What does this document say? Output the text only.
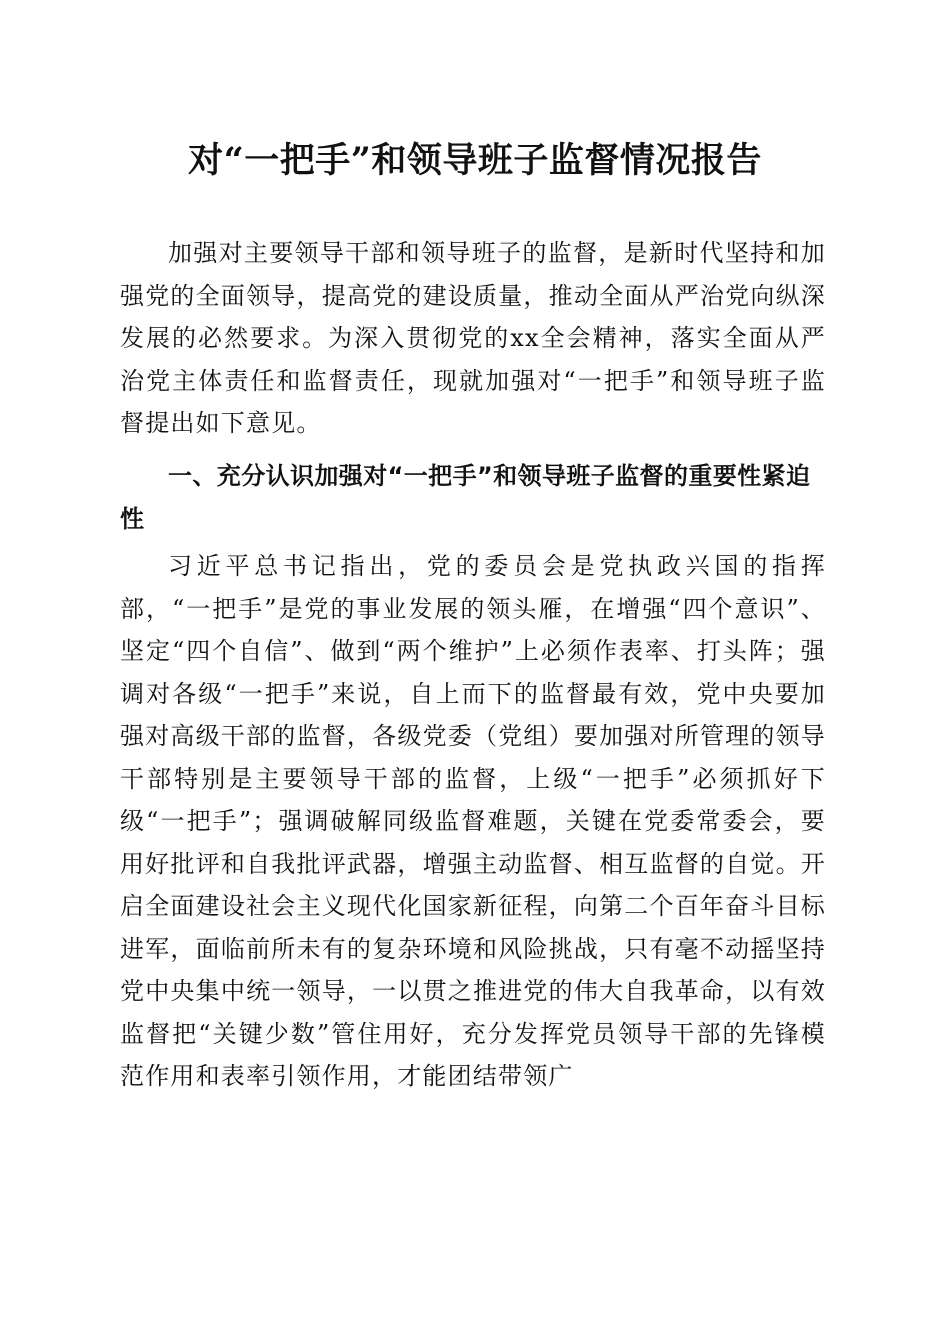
对“一把手”和领导班子监督情况报告

加强对主要领导干部和领导班子的监督，是新时代坚持和加强党的全面领导，提高党的建设质量，推动全面从严治党向纵深发展的必然要求。为深入贯彻党的xx全会精神，落实全面从严治党主体责任和监督责任，现就加强对“一把手”和领导班子监督提出如下意见。

一、充分认识加强对“一把手”和领导班子监督的重要性紧迫性

习近平总书记指出，党的委员会是党执政兴国的指挥部，“一把手”是党的事业发展的领头雁，在增强“四个意识”、坚定“四个自信”、做到“两个维护”上必须作表率、打头阵；强调对各级“一把手”来说，自上而下的监督最有效，党中央要加强对高级干部的监督，各级党委（党组）要加强对所管理的领导干部特别是主要领导干部的监督，上级“一把手”必须抓好下级“一把手”；强调破解同级监督难题，关键在党委常委会，要用好批评和自我批评武器，增强主动监督、相互监督的自觉。开启全面建设社会主义现代化国家新征程，向第二个百年奋斗目标进军，面临前所未有的复杂环境和风险挑战，只有毫不动摇坚持党中央集中统一领导，一以贯之推进党的伟大自我革命，以有效监督把“关键少数”管住用好，充分发挥党员领导干部的先锋模范作用和表率引领作用，才能团结带领广
